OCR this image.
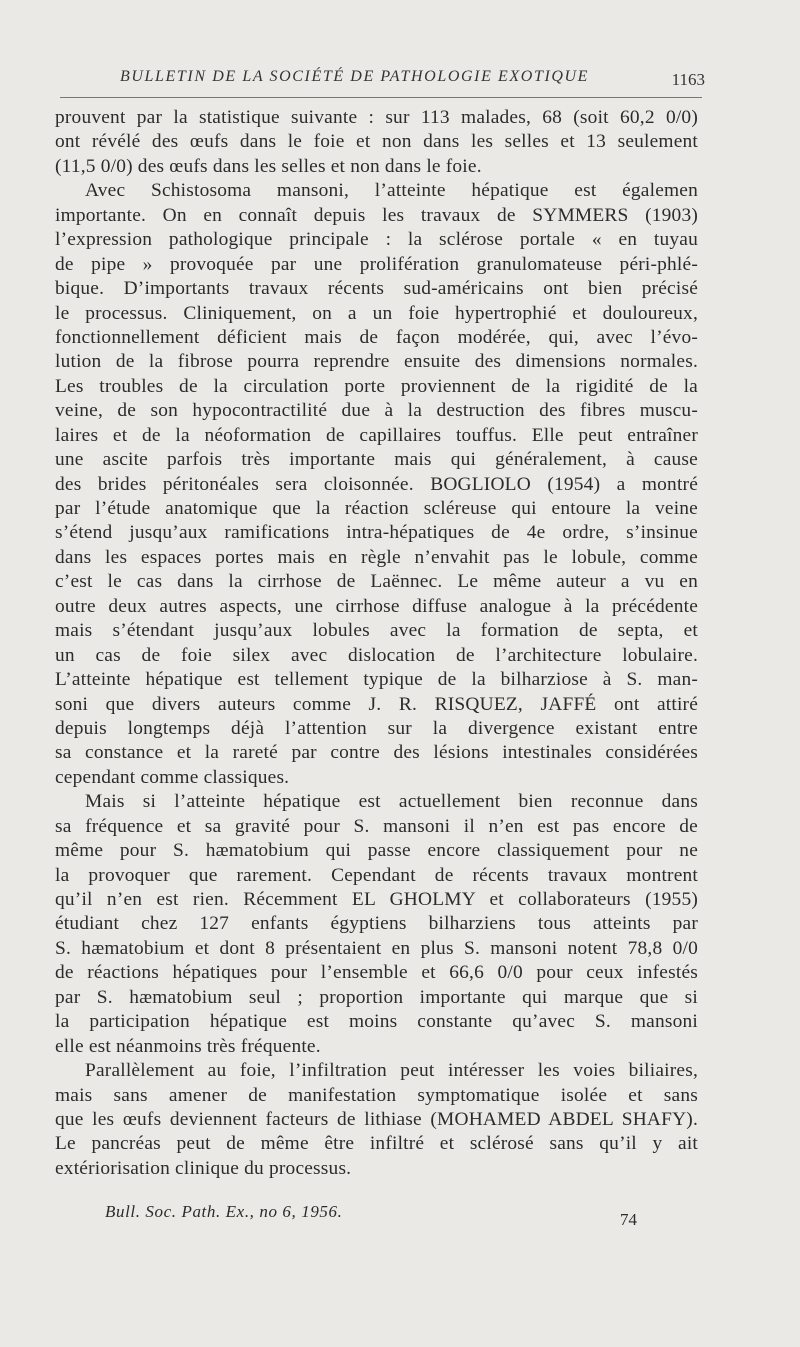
BULLETIN DE LA SOCIÉTÉ DE PATHOLOGIE EXOTIQUE	1163
prouvent par la statistique suivante : sur 113 malades, 68 (soit 60,2 0/0)
ont révélé des œufs dans le foie et non dans les selles et 13 seulement
(11,5 0/0) des œufs dans les selles et non dans le foie.
Avec Schistosoma mansoni, l’atteinte hépatique est égalemen
importante. On en connaît depuis les travaux de SYMMERS (1903)
l’expression pathologique principale : la sclérose portale « en tuyau
de pipe » provoquée par une prolifération granulomateuse péri-phlé-
bique. D’importants travaux récents sud-américains ont bien précisé
le processus. Cliniquement, on a un foie hypertrophié et douloureux,
fonctionnellement déficient mais de façon modérée, qui, avec l’évo-
lution de la fibrose pourra reprendre ensuite des dimensions normales.
Les troubles de la circulation porte proviennent de la rigidité de la
veine, de son hypocontractilité due à la destruction des fibres muscu-
laires et de la néoformation de capillaires touffus. Elle peut entraîner
une ascite parfois très importante mais qui généralement, à cause
des brides péritonéales sera cloisonnée. BOGLIOLO (1954) a montré
par l’étude anatomique que la réaction scléreuse qui entoure la veine
s’étend jusqu’aux ramifications intra-hépatiques de 4e ordre, s’insinue
dans les espaces portes mais en règle n’envahit pas le lobule, comme
c’est le cas dans la cirrhose de Laënnec. Le même auteur a vu en
outre deux autres aspects, une cirrhose diffuse analogue à la précédente
mais s’étendant jusqu’aux lobules avec la formation de septa, et
un cas de foie silex avec dislocation de l’architecture lobulaire.
L’atteinte hépatique est tellement typique de la bilharziose à S. man-
soni que divers auteurs comme J. R. RISQUEZ, JAFFÉ ont attiré
depuis longtemps déjà l’attention sur la divergence existant entre
sa constance et la rareté par contre des lésions intestinales considérées
cependant comme classiques.
Mais si l’atteinte hépatique est actuellement bien reconnue dans
sa fréquence et sa gravité pour S. mansoni il n’en est pas encore de
même pour S. hæmatobium qui passe encore classiquement pour ne
la provoquer que rarement. Cependant de récents travaux montrent
qu’il n’en est rien. Récemment EL GHOLMY et collaborateurs (1955)
étudiant chez 127 enfants égyptiens bilharziens tous atteints par
S. hæmatobium et dont 8 présentaient en plus S. mansoni notent 78,8 0/0
de réactions hépatiques pour l’ensemble et 66,6 0/0 pour ceux infestés
par S. hæmatobium seul ; proportion importante qui marque que si
la participation hépatique est moins constante qu’avec S. mansoni
elle est néanmoins très fréquente.
Parallèlement au foie, l’infiltration peut intéresser les voies biliaires,
mais sans amener de manifestation symptomatique isolée et sans
que les œufs deviennent facteurs de lithiase (MOHAMED ABDEL SHAFY).
Le pancréas peut de même être infiltré et sclérosé sans qu’il y ait
extériorisation clinique du processus.
Bull. Soc. Path. Ex., no 6, 1956.	74
